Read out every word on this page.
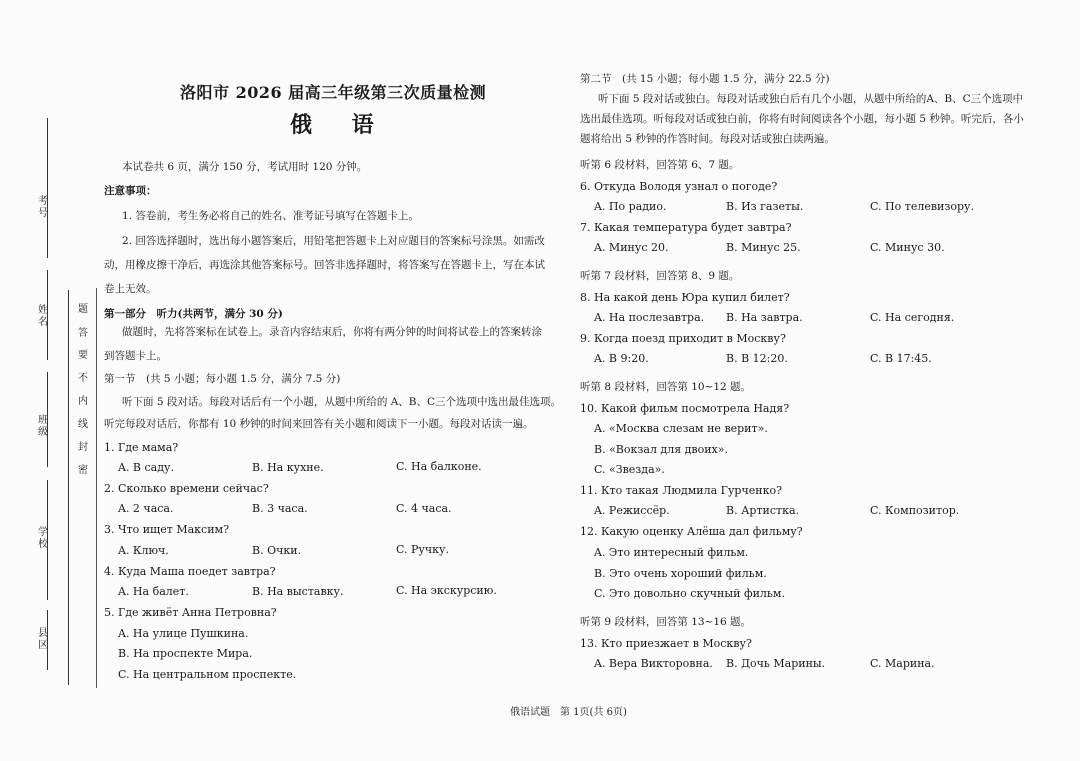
考号
姓名
班级
学校
县区
题
答
要
不
内
线
封
密
洛阳市 2026 届高三年级第三次质量检测
俄 语
本试卷共 6 页，满分 150 分，考试用时 120 分钟。
注意事项：
1. 答卷前，考生务必将自己的姓名、准考证号填写在答题卡上。
2. 回答选择题时，选出每小题答案后，用铅笔把答题卡上对应题目的答案标号涂黑。如需改
动，用橡皮擦干净后，再选涂其他答案标号。回答非选择题时，将答案写在答题卡上，写在本试
卷上无效。
第一部分　听力(共两节，满分 30 分)
做题时，先将答案标在试卷上。录音内容结束后，你将有两分钟的时间将试卷上的答案转涂
到答题卡上。
第一节　(共 5 小题；每小题 1.5 分，满分 7.5 分)
听下面 5 段对话。每段对话后有一个小题，从题中所给的 A、B、C三个选项中选出最佳选项。
听完每段对话后，你都有 10 秒钟的时间来回答有关小题和阅读下一小题。每段对话读一遍。
1. Где мама?
A. В саду.	B. На кухне.	C. На балконе.
2. Сколько времени сейчас?
A. 2 часа.	B. 3 часа.	C. 4 часа.
3. Что ищет Максим?
A. Ключ.	B. Очки.	C. Ручку.
4. Куда Маша поедет завтра?
A. На балет.	B. На выставку.	C. На экскурсию.
5. Где живёт Анна Петровна?
A. На улице Пушкина.
B. На проспекте Мира.
C. На центральном проспекте.
第二节　(共 15 小题；每小题 1.5 分，满分 22.5 分)
听下面 5 段对话或独白。每段对话或独白后有几个小题，从题中所给的A、B、C三个选项中
选出最佳选项。听每段对话或独白前，你将有时间阅读各个小题，每小题 5 秒钟。听完后，各小
题将给出 5 秒钟的作答时间。每段对话或独白读两遍。
听第 6 段材料，回答第 6、7 题。
6. Откуда Володя узнал о погоде?
A. По радио.	B. Из газеты.	C. По телевизору.
7. Какая температура будет завтра?
A. Минус 20.	B. Минус 25.	C. Минус 30.
听第 7 段材料，回答第 8、9 题。
8. На какой день Юра купил билет?
A. На послезавтра. B. На завтра.	C. На сегодня.
9. Когда поезд приходит в Москву?
A. В 9:20.	B. В 12:20.	C. В 17:45.
听第 8 段材料，回答第 10~12 题。
10. Какой фильм посмотрела Надя?
A. «Москва слезам не верит».
B. «Вокзал для двоих».
C. «Звезда».
11. Кто такая Людмила Гурченко?
A. Режиссёр.	B. Артистка.	C. Композитор.
12. Какую оценку Алёша дал фильму?
A. Это интересный фильм.
B. Это очень хороший фильм.
C. Это довольно скучный фильм.
听第 9 段材料，回答第 13~16 题。
13. Кто приезжает в Москву?
A. Вера Викторовна. B. Дочь Марины.	C. Марина.
俄语试题　第 1页(共 6页)
